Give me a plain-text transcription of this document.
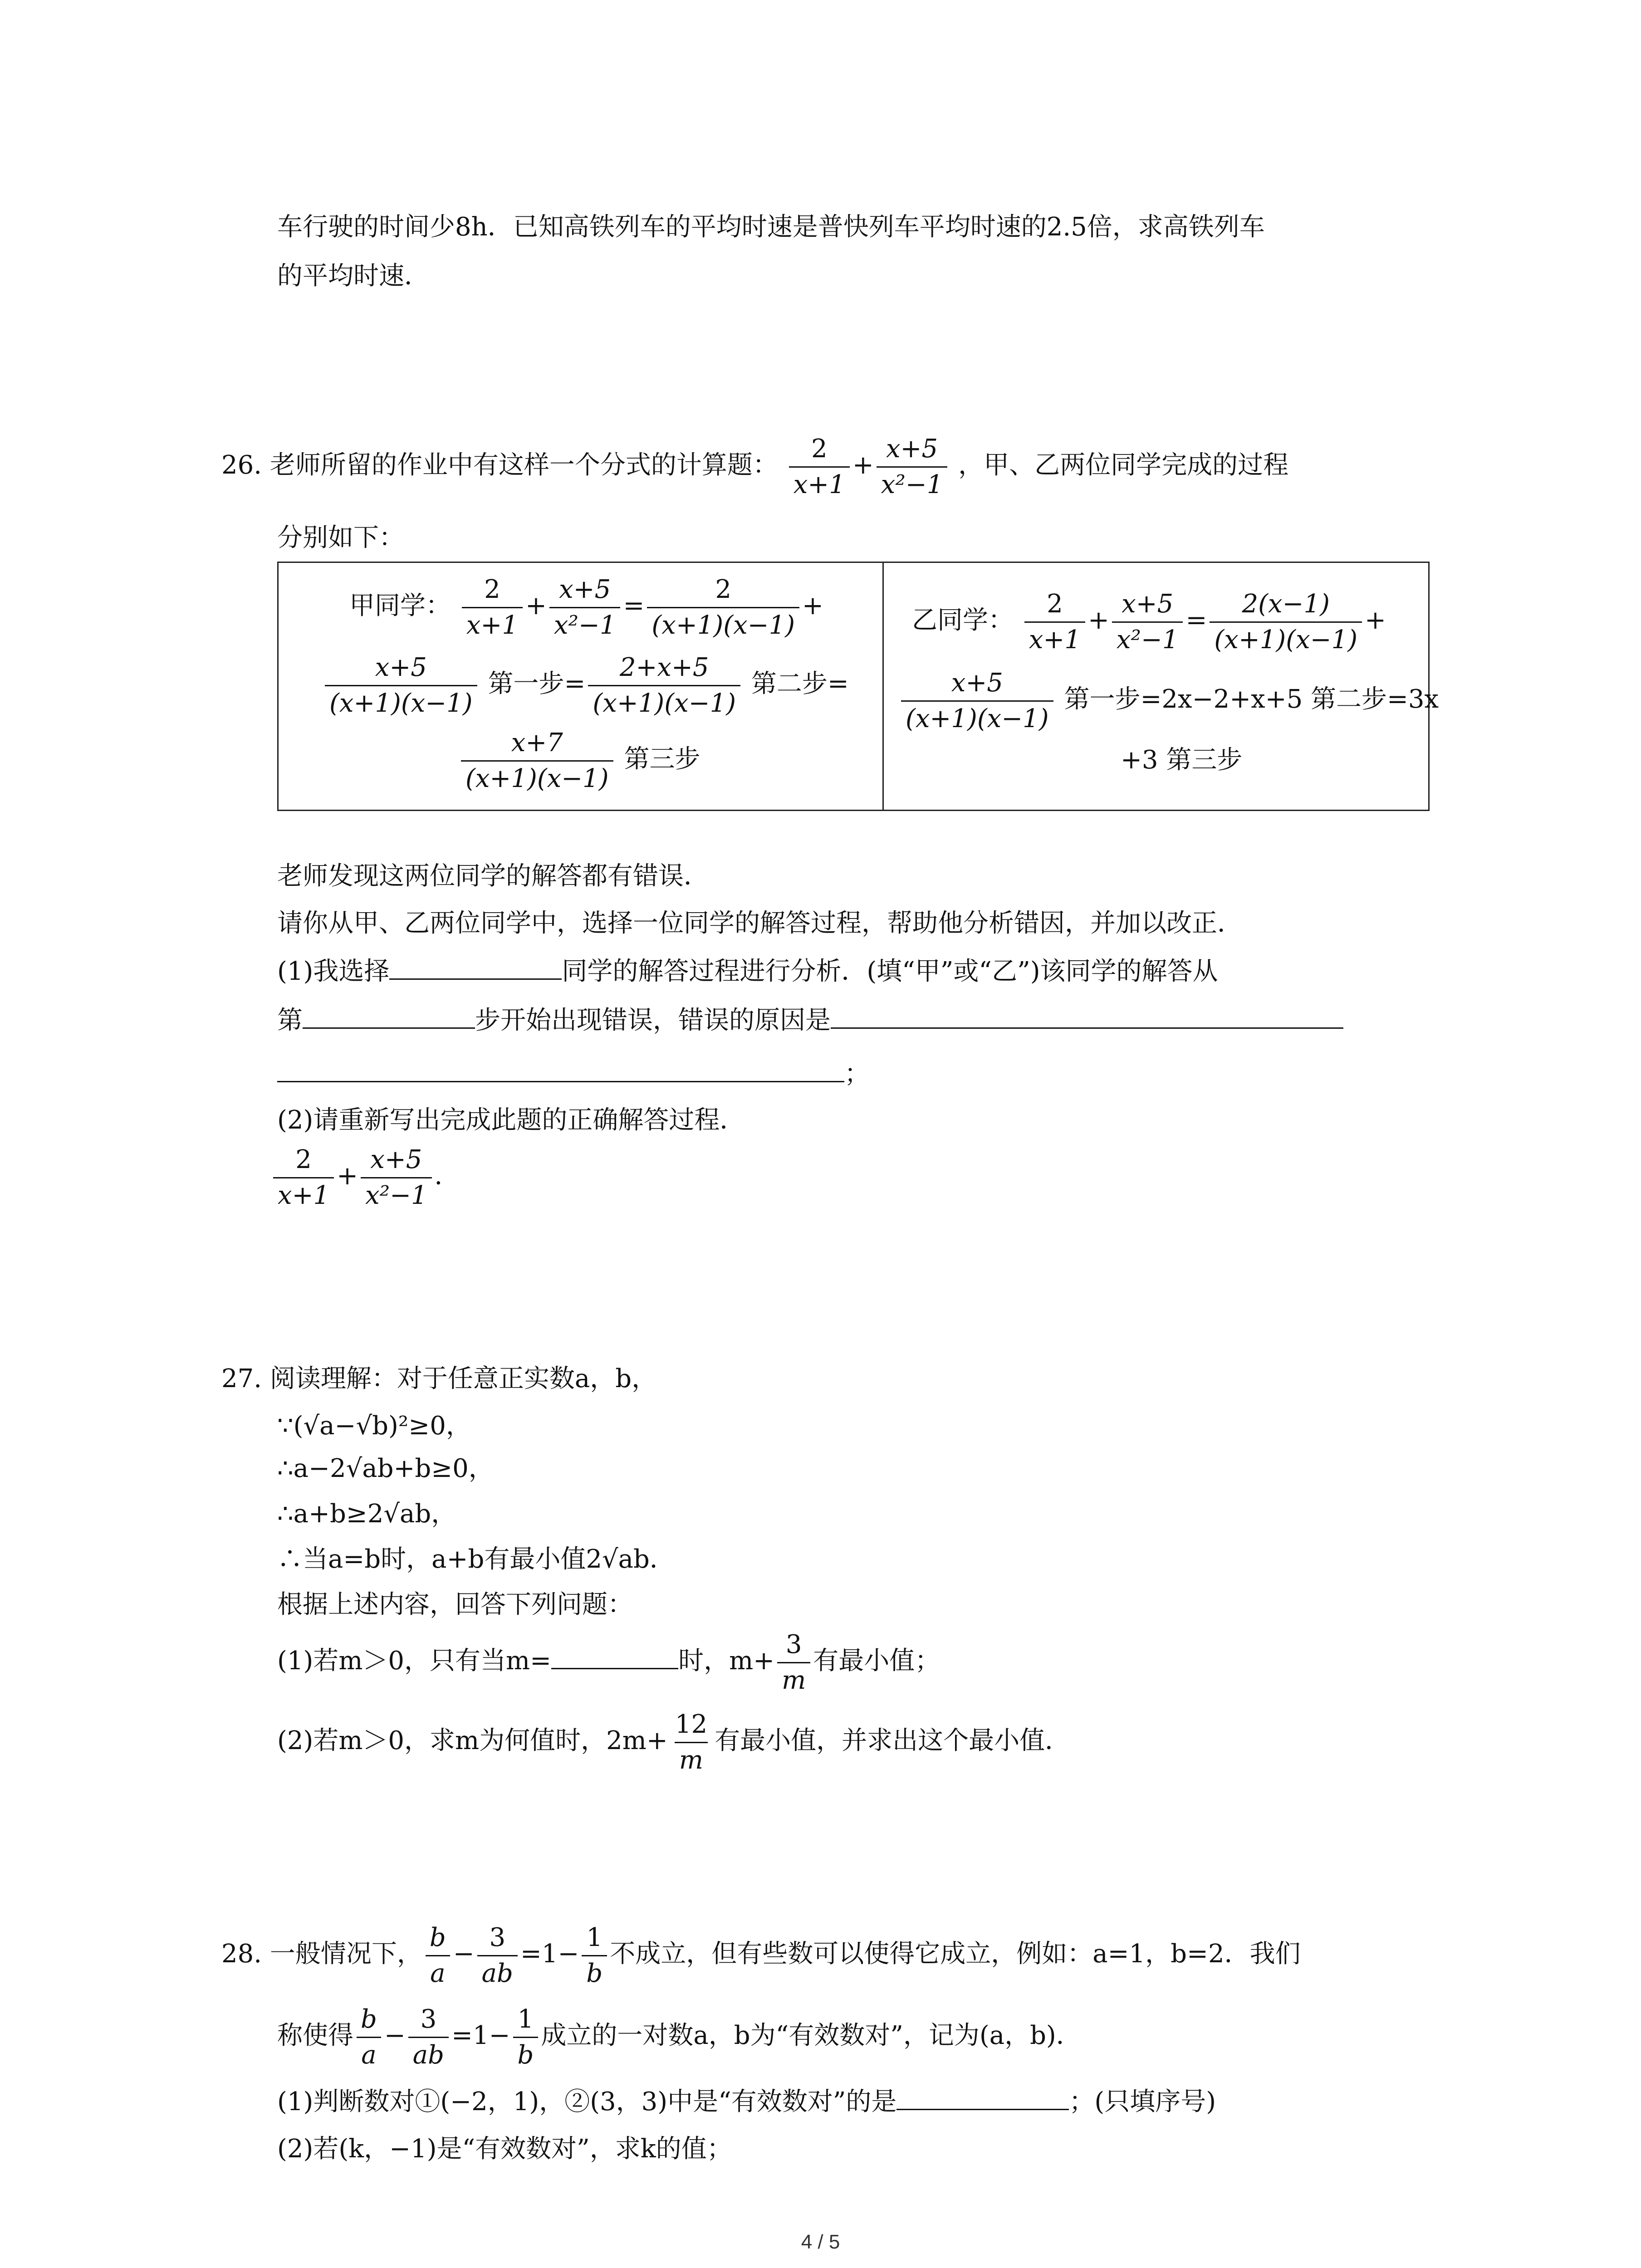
车行驶的时间少8h．已知高铁列车的平均时速是普快列车平均时速的2.5倍，求高铁列车
的平均时速．
26. 老师所留的作业中有这样一个分式的计算题： $\frac{2}{x+1} + \frac{x+5}{\text{x²−1}}$ ，甲、乙两位同学完成的过程
分别如下：
甲同学： $\frac{2}{x+1} + \frac{x+5}{\text{x²−1}} = \frac{2}{(x+1)(x-1)}$ +
$\frac{x+5}{(x+1)(x-1)}$ 第一步= $\frac{2+x+5}{(x+1)(x-1)}$ 第二步=
$\frac{x+7}{(x+1)(x-1)}$ 第三步
乙同学： $\frac{2}{x+1} + \frac{x+5}{\text{x²−1}} = \frac{2(x-1)}{(x+1)(x-1)}$ +
$\frac{x+5}{(x+1)(x-1)}$ 第一步=2x−2+x+5 第二步=3x
+3 第三步
老师发现这两位同学的解答都有错误．
请你从甲、乙两位同学中，选择一位同学的解答过程，帮助他分析错因，并加以改正．
(1)我选择	同学的解答过程进行分析．(填“甲”或“乙”)该同学的解答从
第	步开始出现错误，错误的原因是
；
(2)请重新写出完成此题的正确解答过程．
$\frac{2}{x+1} + \frac{x+5}{\text{x²−1}}$ ．
27. 阅读理解：对于任意正实数a，b，
∵(√a−√b)²≥0，
∴a−2√ab+b≥0，
∴a+b≥2√ab，
∴当a=b时，a+b有最小值2√ab．
根据上述内容，回答下列问题：
(1)若m＞0，只有当m=	时，$m+ \frac{3}{m}$ 有最小值；
(2)若m＞0，求m为何值时，$2m+ \frac{12}{m}$ 有最小值，并求出这个最小值．
28. 一般情况下， $\frac{b}{a} - \frac{3}{ab} =1- \frac{1}{b}$ 不成立，但有些数可以使得它成立，例如：a=1，b=2．我们
称使得 $\frac{b}{a} - \frac{3}{ab} =1- \frac{1}{b}$ 成立的一对数a，b为“有效数对”，记为(a，b)．
(1)判断数对①(−2，1)，②(3，3)中是“有效数对”的是	；(只填序号)
(2)若(k，−1)是“有效数对”，求k的值；
4 / 5
